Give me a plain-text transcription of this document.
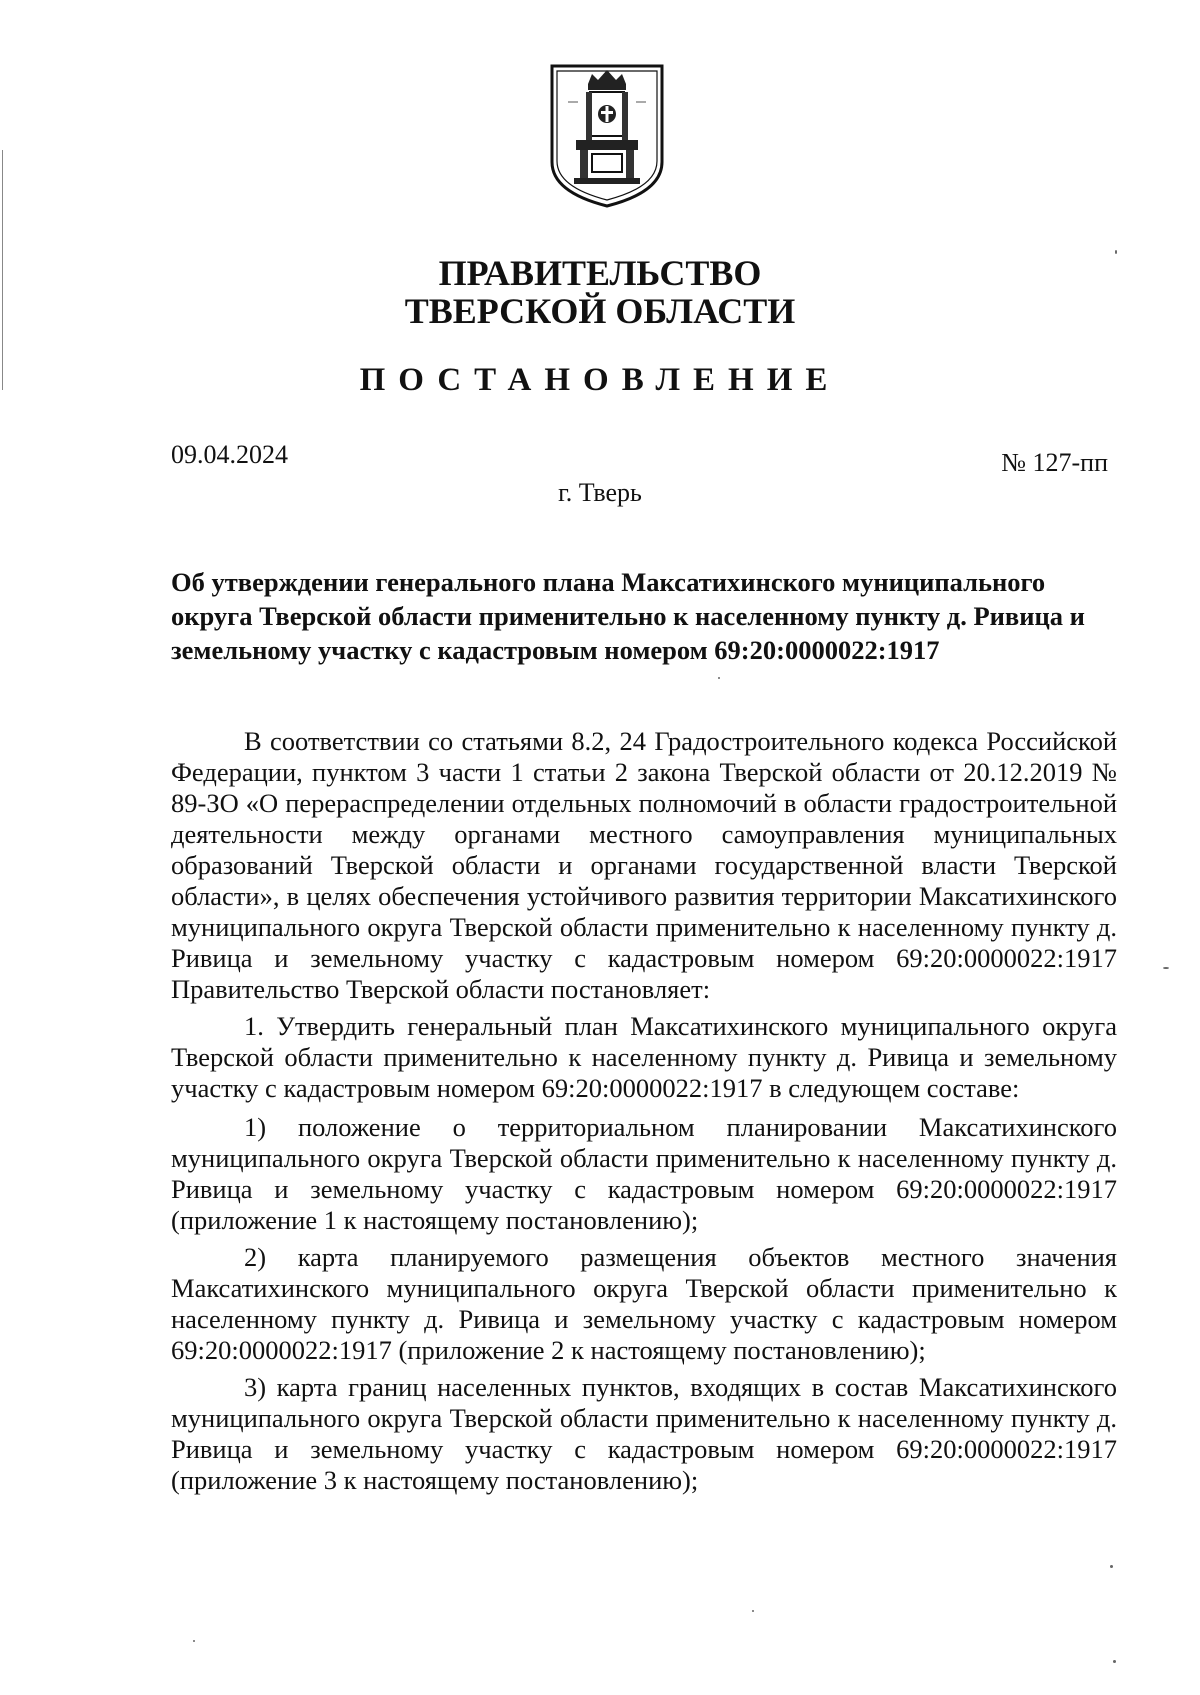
ПРАВИТЕЛЬСТВО
ТВЕРСКОЙ ОБЛАСТИ
ПОСТАНОВЛЕНИЕ
09.04.2024	№ 127-пп
г. Тверь
Об утверждении генерального плана Максатихинского муниципального округа Тверской области применительно к населенному пункту д. Ривица и земельному участку с кадастровым номером 69:20:0000022:1917

В соответствии со статьями 8.2, 24 Градостроительного кодекса Российской Федерации, пунктом 3 части 1 статьи 2 закона Тверской области от 20.12.2019 № 89-ЗО «О перераспределении отдельных полномочий в области градостроительной деятельности между органами местного самоуправления муниципальных образований Тверской области и органами государственной власти Тверской области», в целях обеспечения устойчивого развития территории Максатихинского муниципального округа Тверской области применительно к населенному пункту д. Ривица и земельному участку с кадастровым номером 69:20:0000022:1917 Правительство Тверской области постановляет:

1. Утвердить генеральный план Максатихинского муниципального округа Тверской области применительно к населенному пункту д. Ривица и земельному участку с кадастровым номером 69:20:0000022:1917 в следующем составе:

1) положение о территориальном планировании Максатихинского муниципального округа Тверской области применительно к населенному пункту д. Ривица и земельному участку с кадастровым номером 69:20:0000022:1917 (приложение 1 к настоящему постановлению);

2) карта планируемого размещения объектов местного значения Максатихинского муниципального округа Тверской области применительно к населенному пункту д. Ривица и земельному участку с кадастровым номером 69:20:0000022:1917 (приложение 2 к настоящему постановлению);

3) карта границ населенных пунктов, входящих в состав Максатихинского муниципального округа Тверской области применительно к населенному пункту д. Ривица и земельному участку с кадастровым номером 69:20:0000022:1917 (приложение 3 к настоящему постановлению);
